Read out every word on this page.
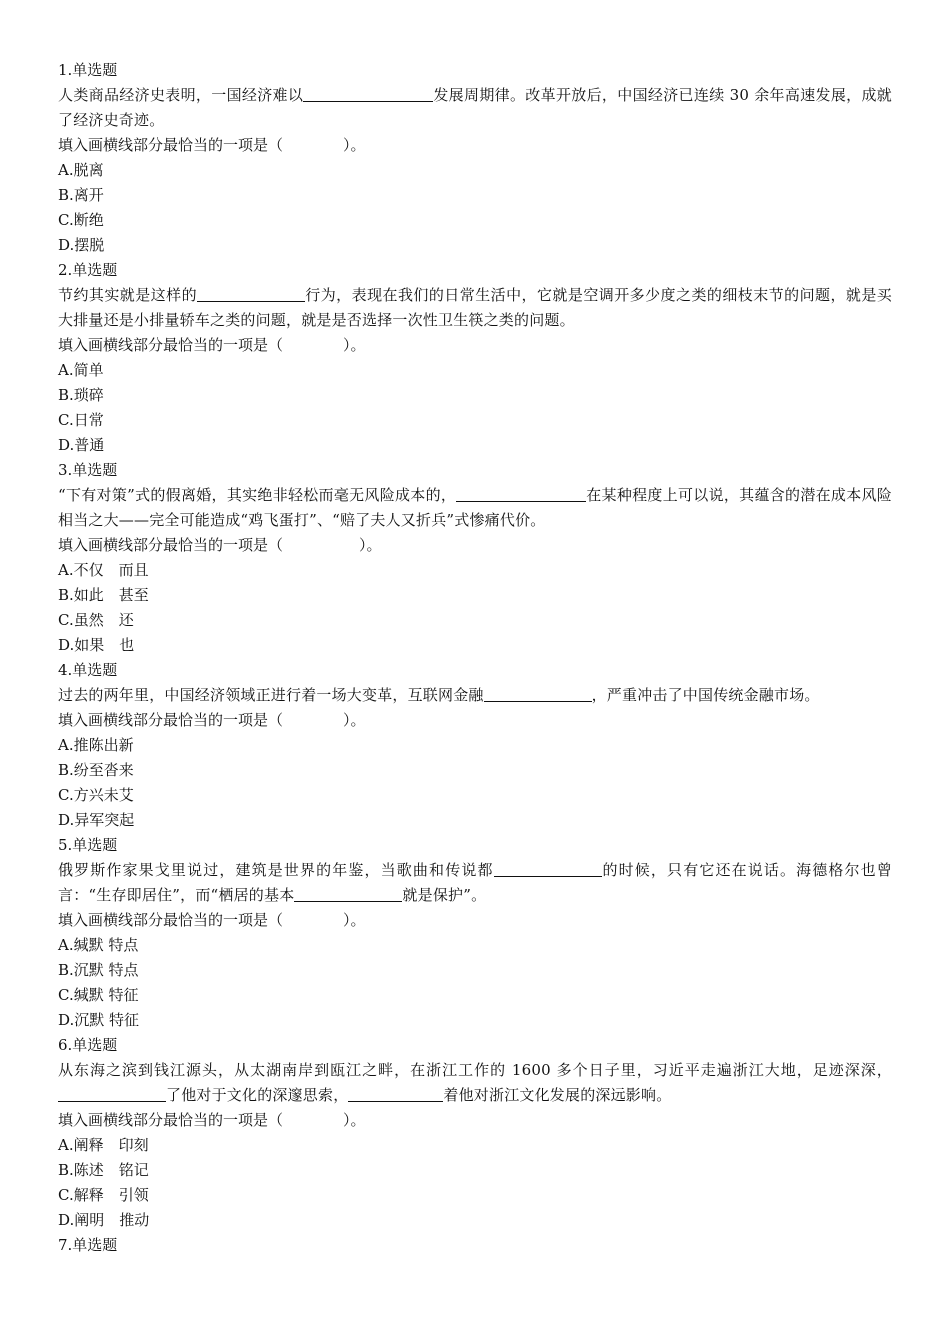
1.单选题
人类商品经济史表明，一国经济难以	发展周期律。改革开放后，中国经济已连续 30 余年高速发展，成就了经济史奇迹。
填入画横线部分最恰当的一项是（	）。
A.脱离
B.离开
C.断绝
D.摆脱
2.单选题
节约其实就是这样的	行为，表现在我们的日常生活中，它就是空调开多少度之类的细枝末节的问题，就是买大排量还是小排量轿车之类的问题，就是是否选择一次性卫生筷之类的问题。
填入画横线部分最恰当的一项是（	）。
A.简单
B.琐碎
C.日常
D.普通
3.单选题
“下有对策”式的假离婚，其实绝非轻松而毫无风险成本的，	在某种程度上可以说，其蕴含的潜在成本风险相当之大——完全可能造成“鸡飞蛋打”、“赔了夫人又折兵”式惨痛代价。
填入画横线部分最恰当的一项是（	）。
A.不仅　而且
B.如此　甚至
C.虽然　还
D.如果　也
4.单选题
过去的两年里，中国经济领域正进行着一场大变革，互联网金融	，严重冲击了中国传统金融市场。
填入画横线部分最恰当的一项是（	）。
A.推陈出新
B.纷至沓来
C.方兴未艾
D.异军突起
5.单选题
俄罗斯作家果戈里说过，建筑是世界的年鉴，当歌曲和传说都	的时候，只有它还在说话。海德格尔也曾言：“生存即居住”，而“栖居的基本	就是保护”。
填入画横线部分最恰当的一项是（	）。
A.缄默 特点
B.沉默 特点
C.缄默 特征
D.沉默 特征
6.单选题
从东海之滨到钱江源头，从太湖南岸到瓯江之畔，在浙江工作的 1600 多个日子里，习近平走遍浙江大地，足迹深深，了他对于文化的深邃思索，	着他对浙江文化发展的深远影响。
填入画横线部分最恰当的一项是（	）。
A.阐释　印刻
B.陈述　铭记
C.解释　引领
D.阐明　推动
7.单选题
